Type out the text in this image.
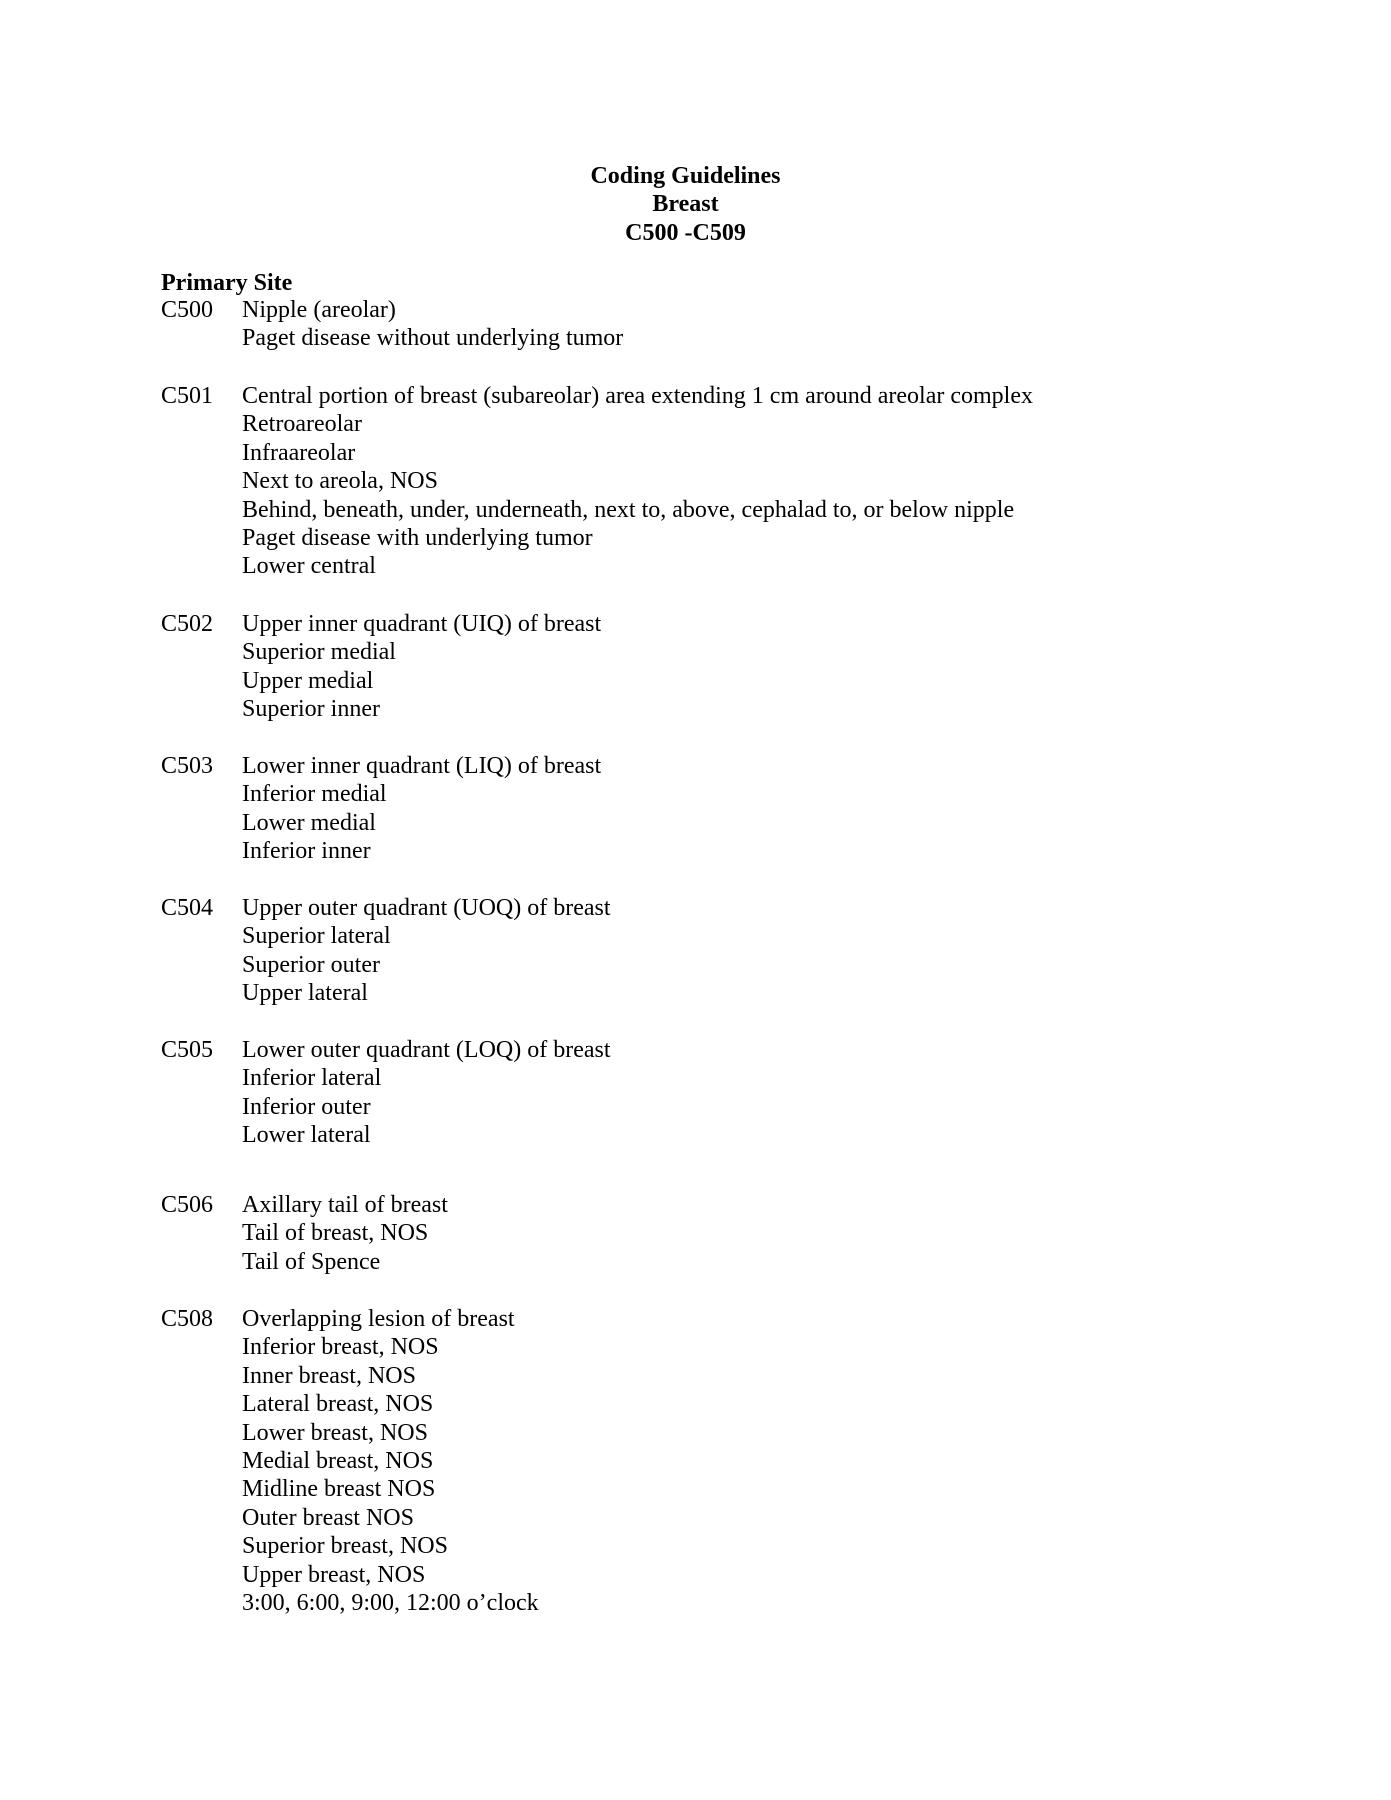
Coding Guidelines
Breast
C500 -C509
Primary Site
C500 Nipple (areolar)
Paget disease without underlying tumor
C501 Central portion of breast (subareolar) area extending 1 cm around areolar complex
Retroareolar
Infraareolar
Next to areola, NOS
Behind, beneath, under, underneath, next to, above, cephalad to, or below nipple
Paget disease with underlying tumor
Lower central
C502 Upper inner quadrant (UIQ) of breast
Superior medial
Upper medial
Superior inner
C503 Lower inner quadrant (LIQ) of breast
Inferior medial
Lower medial
Inferior inner
C504 Upper outer quadrant (UOQ) of breast
Superior lateral
Superior outer
Upper lateral
C505 Lower outer quadrant (LOQ) of breast
Inferior lateral
Inferior outer
Lower lateral
C506 Axillary tail of breast
Tail of breast, NOS
Tail of Spence
C508 Overlapping lesion of breast
Inferior breast, NOS
Inner breast, NOS
Lateral breast, NOS
Lower breast, NOS
Medial breast, NOS
Midline breast NOS
Outer breast NOS
Superior breast, NOS
Upper breast, NOS
3:00, 6:00, 9:00, 12:00 o’clock
